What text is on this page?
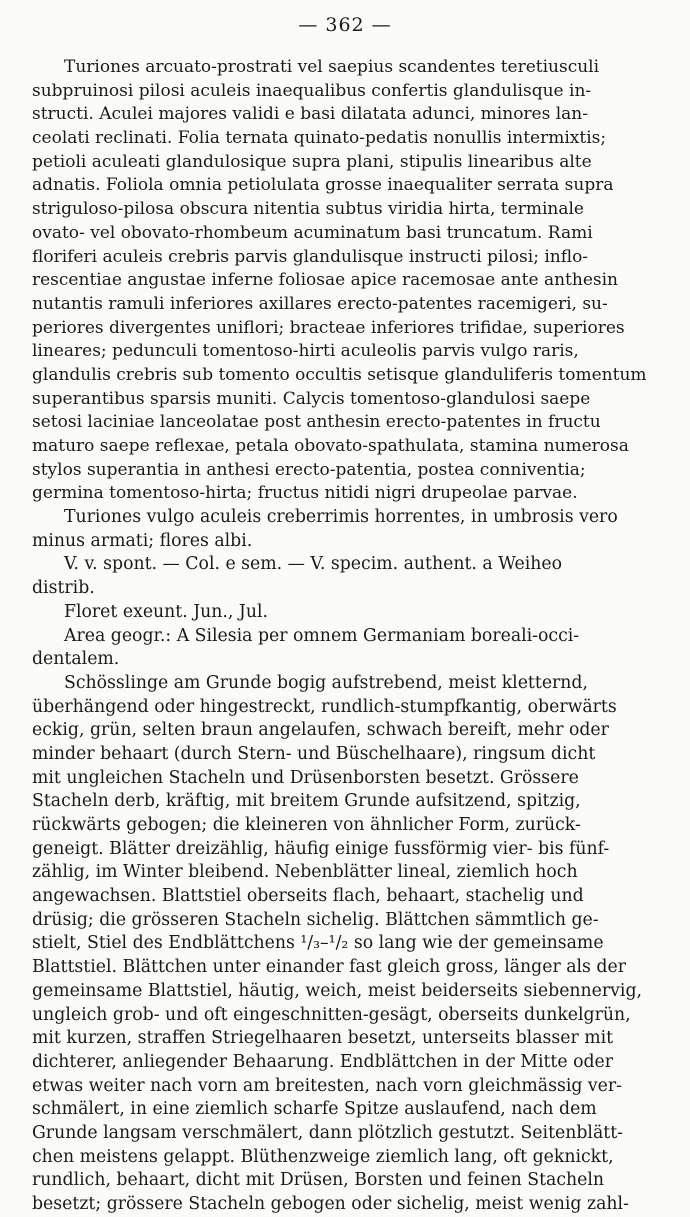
— 362 —
Turiones arcuato-prostrati vel saepius scandentes teretiusculi
subpruinosi pilosi aculeis inaequalibus confertis glandulisque in-
structi. Aculei majores validi e basi dilatata adunci, minores lan-
ceolati reclinati. Folia ternata quinato-pedatis nonullis intermixtis;
petioli aculeati glandulosique supra plani, stipulis linearibus alte
adnatis. Foliola omnia petiolulata grosse inaequaliter serrata supra
striguloso-pilosa obscura nitentia subtus viridia hirta, terminale
ovato- vel obovato-rhombeum acuminatum basi truncatum. Rami
floriferi aculeis crebris parvis glandulisque instructi pilosi; inflo-
rescentiae angustae inferne foliosae apice racemosae ante anthesin
nutantis ramuli inferiores axillares erecto-patentes racemigeri, su-
periores divergentes uniflori; bracteae inferiores trifidae, superiores
lineares; pedunculi tomentoso-hirti aculeolis parvis vulgo raris,
glandulis crebris sub tomento occultis setisque glanduliferis tomentum
superantibus sparsis muniti. Calycis tomentoso-glandulosi saepe
setosi laciniae lanceolatae post anthesin erecto-patentes in fructu
maturo saepe reflexae, petala obovato-spathulata, stamina numerosa
stylos superantia in anthesi erecto-patentia, postea conniventia;
germina tomentoso-hirta; fructus nitidi nigri drupeolae parvae.
Turiones vulgo aculeis creberrimis horrentes, in umbrosis vero
minus armati; flores albi.
V. v. spont. — Col. e sem. — V. specim. authent. a Weiheo
distrib.
Floret exeunt. Jun., Jul.
Area geogr.: A Silesia per omnem Germaniam boreali-occi-
dentalem.
Schösslinge am Grunde bogig aufstrebend, meist kletternd,
überhängend oder hingestreckt, rundlich-stumpfkantig, oberwärts
eckig, grün, selten braun angelaufen, schwach bereift, mehr oder
minder behaart (durch Stern- und Büschelhaare), ringsum dicht
mit ungleichen Stacheln und Drüsenborsten besetzt. Grössere
Stacheln derb, kräftig, mit breitem Grunde aufsitzend, spitzig,
rückwärts gebogen; die kleineren von ähnlicher Form, zurück-
geneigt. Blätter dreizählig, häufig einige fussförmig vier- bis fünf-
zählig, im Winter bleibend. Nebenblätter lineal, ziemlich hoch
angewachsen. Blattstiel oberseits flach, behaart, stachelig und
drüsig; die grösseren Stacheln sichelig. Blättchen sämmtlich ge-
stielt, Stiel des Endblättchens ¹/₃–¹/₂ so lang wie der gemeinsame
Blattstiel. Blättchen unter einander fast gleich gross, länger als der
gemeinsame Blattstiel, häutig, weich, meist beiderseits siebennervig,
ungleich grob- und oft eingeschnitten-gesägt, oberseits dunkelgrün,
mit kurzen, straffen Striegelhaaren besetzt, unterseits blasser mit
dichterer, anliegender Behaarung. Endblättchen in der Mitte oder
etwas weiter nach vorn am breitesten, nach vorn gleichmässig ver-
schmälert, in eine ziemlich scharfe Spitze auslaufend, nach dem
Grunde langsam verschmälert, dann plötzlich gestutzt. Seitenblätt-
chen meistens gelappt. Blüthenzweige ziemlich lang, oft geknickt,
rundlich, behaart, dicht mit Drüsen, Borsten und feinen Stacheln
besetzt; grössere Stacheln gebogen oder sichelig, meist wenig zahl-
